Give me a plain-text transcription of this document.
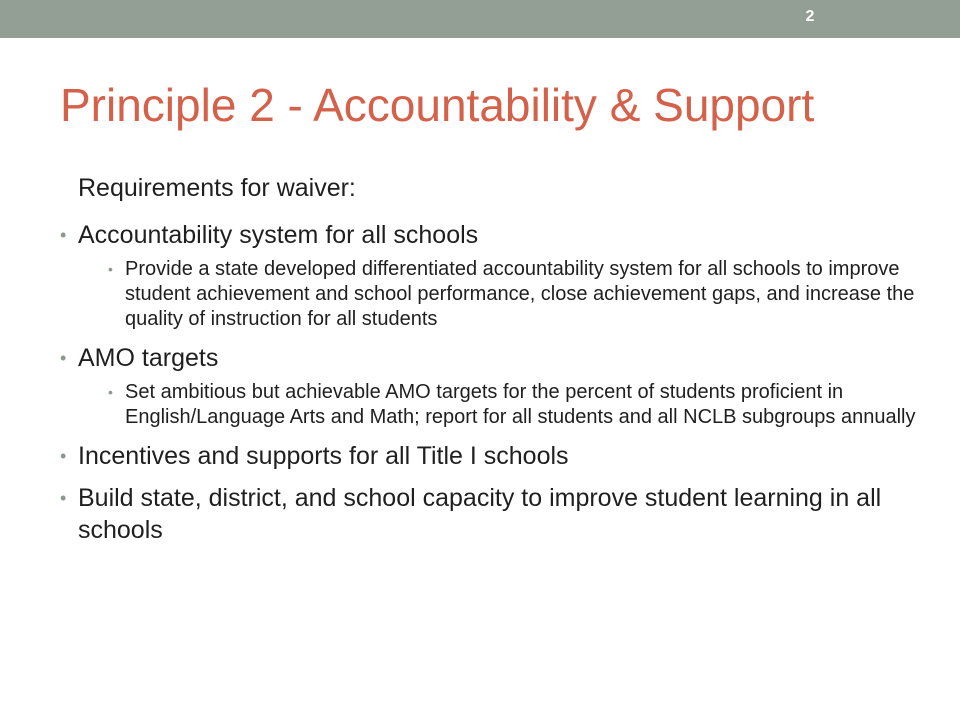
2
Principle 2 - Accountability & Support

Requirements for waiver:

• Accountability system for all schools
• Provide a state developed differentiated accountability system for all schools to improve student achievement and school performance, close achievement gaps, and increase the quality of instruction for all students
• AMO targets
• Set ambitious but achievable AMO targets for the percent of students proficient in English/Language Arts and Math; report for all students and all NCLB subgroups annually
• Incentives and supports for all Title I schools
• Build state, district, and school capacity to improve student learning in all schools
